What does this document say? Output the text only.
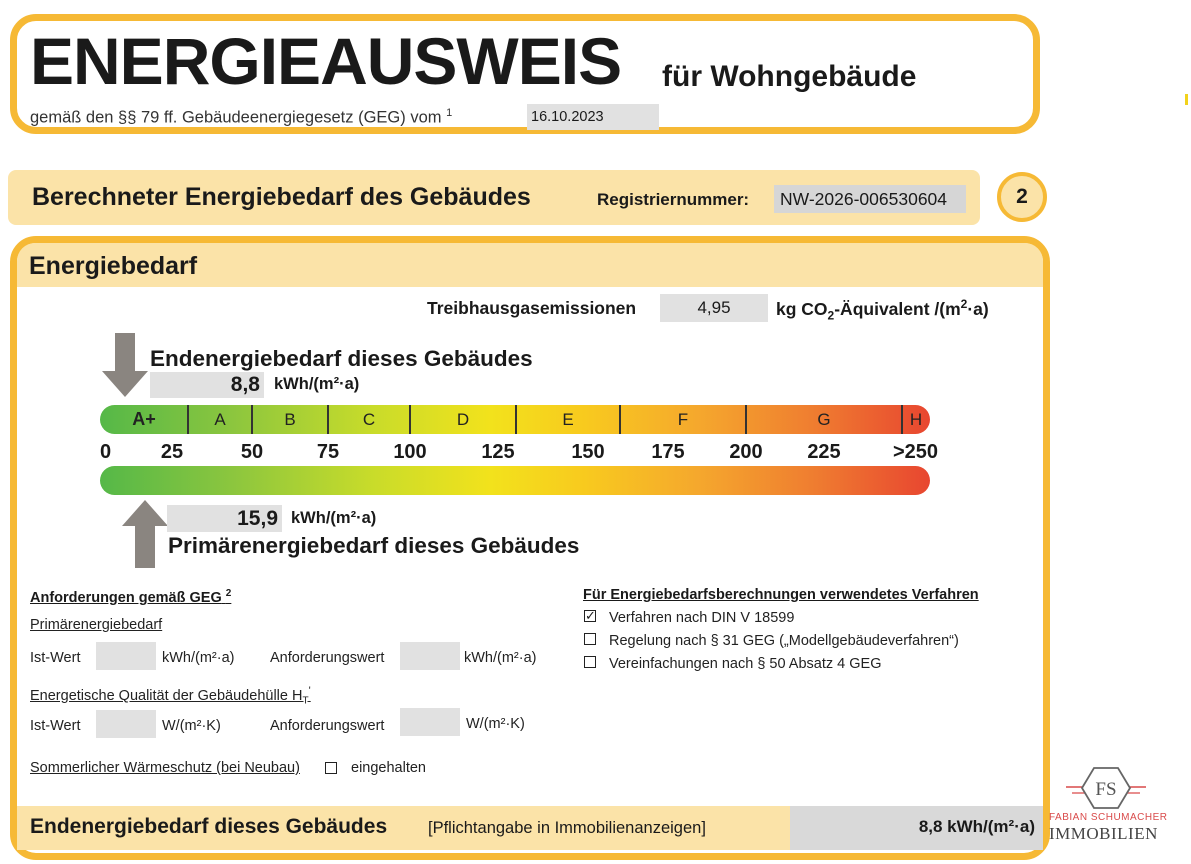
ENERGIEAUSWEIS für Wohngebäude
gemäß den §§ 79 ff. Gebäudeenergiegesetz (GEG) vom $^1$	16.10.2023
Berechneter Energiebedarf des Gebäudes	Registriernummer:	NW-2026-006530604	2
Energiebedarf
Treibhausgasemissionen	4,95	kg $CO_2$-Äquivalent $/(m^2\cdot a)$
Endenergiebedarf dieses Gebäudes
8,8 kWh/(m²·a)
A+	A	B	C	D	E	F	G	H
0 25	50	75	100	125	150 175 200 225	>250
15,9 kWh/(m²·a)
Primärenergiebedarf dieses Gebäudes
Anforderungen gemäß GEG $^2$
Primärenergiebedarf
Ist-Wert	kWh/(m²·a) Anforderungswert	kWh/(m²·a)
Energetische Qualität der Gebäudehülle $H_T'$
Ist-Wert	W/(m²·K)	Anforderungswert	W/(m²·K)
Sommerlicher Wärmeschutz (bei Neubau)	eingehalten
Für Energiebedarfsberechnungen verwendetes Verfahren
✓ Verfahren nach DIN V 18599
Regelung nach § 31 GEG („Modellgebäudeverfahren“)
Vereinfachungen nach § 50 Absatz 4 GEG
Endenergiebedarf dieses Gebäudes [Pflichtangabe in Immobilienanzeigen]	8,8 kWh/(m²·a)
FS
FABIAN SCHUMACHER
IMMOBILIEN
